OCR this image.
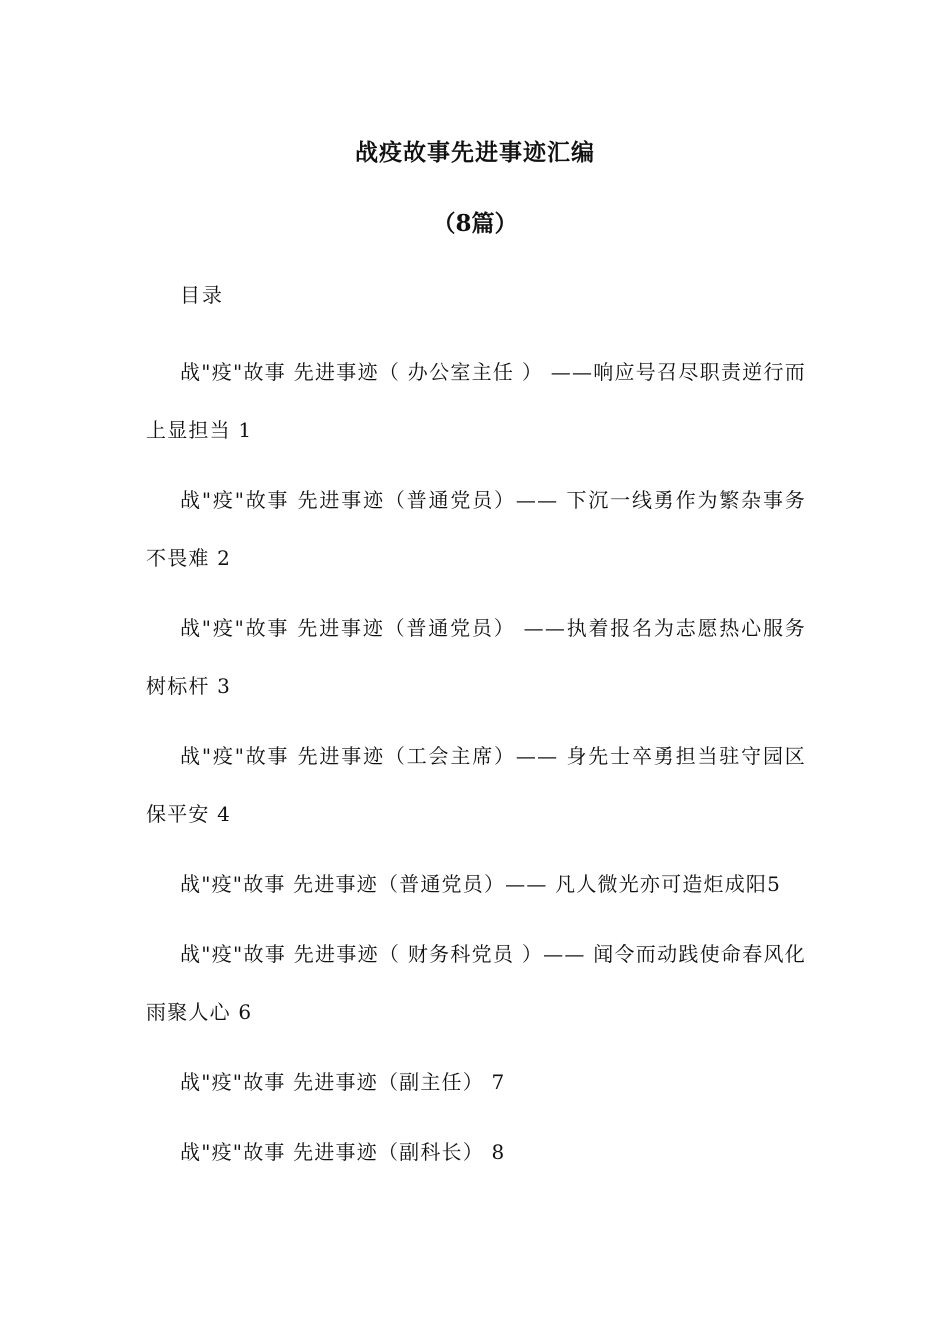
战疫故事先进事迹汇编
（8篇）

目录

战"疫"故事 先进事迹（ 办公室主任 ） ——响应号召尽职责逆行而上显担当 1
战"疫"故事 先进事迹（普通党员）—— 下沉一线勇作为繁杂事务不畏难 2
战"疫"故事 先进事迹（普通党员） ——执着报名为志愿热心服务树标杆 3
战"疫"故事 先进事迹（工会主席）—— 身先士卒勇担当驻守园区保平安 4
战"疫"故事 先进事迹（普通党员）—— 凡人微光亦可造炬成阳5
战"疫"故事 先进事迹（ 财务科党员 ）—— 闻令而动践使命春风化雨聚人心 6
战"疫"故事 先进事迹（副主任） 7
战"疫"故事 先进事迹（副科长） 8
